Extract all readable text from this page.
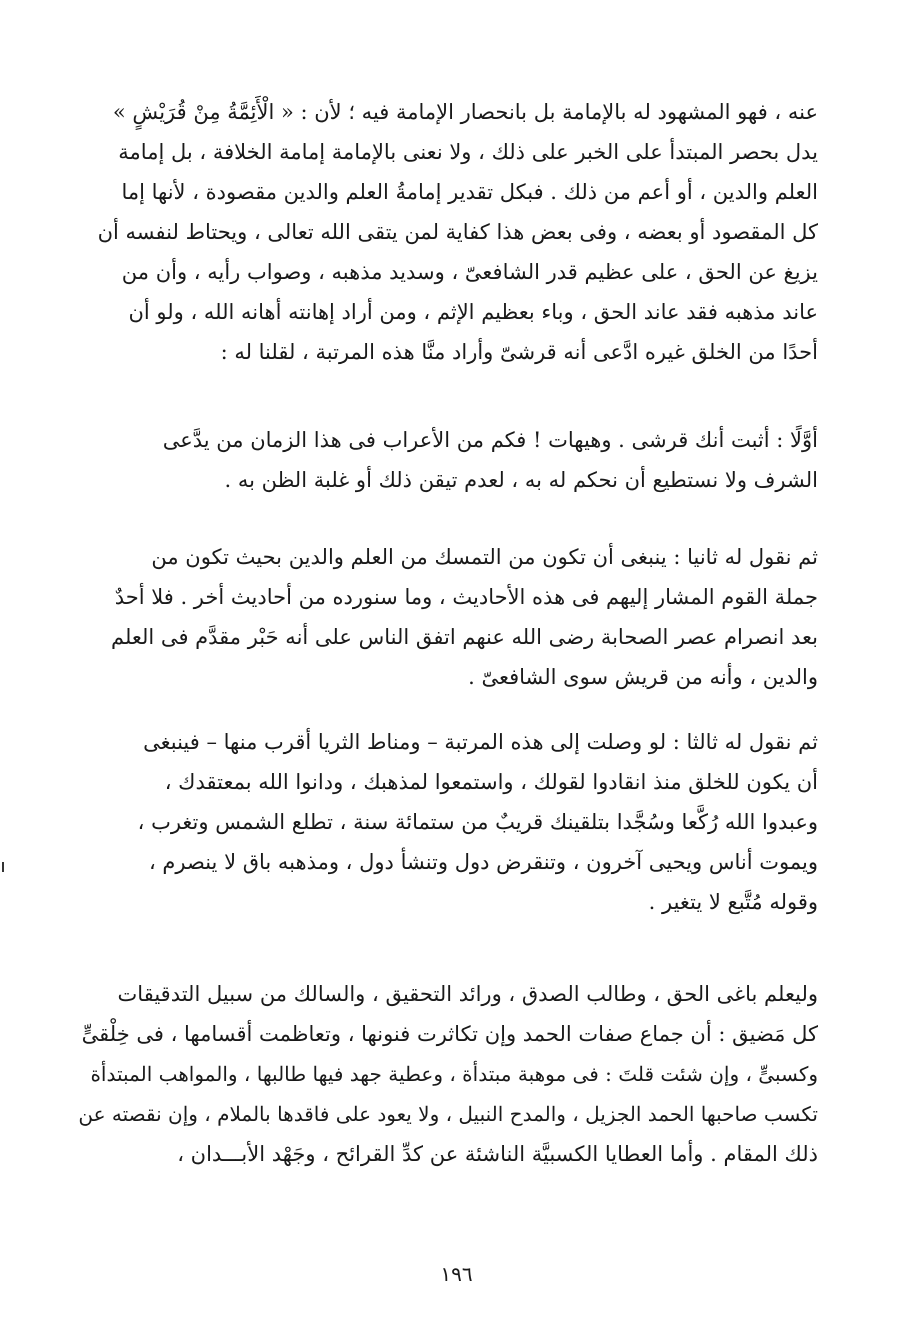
عنه ، فهو المشهود له بالإمامة بل بانحصار الإمامة فيه ؛ لأن : « الْأَئِمَّةُ مِنْ قُرَيْشٍ »
يدل بحصر المبتدأ على الخبر على ذلك ، ولا نعنى بالإمامة إمامة الخلافة ، بل إمامة
العلم والدين ، أو أعم من ذلك . فبكل تقدير إمامةُ العلم والدين مقصودة ، لأنها إما
كل المقصود أو بعضه ، وفى بعض هذا كفاية لمن يتقى الله تعالى ، ويحتاط لنفسه أن
يزيغ عن الحق ، على عظيم قدر الشافعىّ ، وسديد مذهبه ، وصواب رأيه ، وأن من
عاند مذهبه فقد عاند الحق ، وباء بعظيم الإثم ، ومن أراد إهانته أهانه الله ، ولو أن
أحدًا من الخلق غيره ادَّعى أنه قرشىّ وأراد منَّا هذه المرتبة ، لقلنا له :
أوَّلًا : أثبت أنك قرشى . وهيهات ! فكم من الأعراب فى هذا الزمان من يدَّعى
الشرف ولا نستطيع أن نحكم له به ، لعدم تيقن ذلك أو غلبة الظن به .
ثم نقول له ثانيا : ينبغى أن تكون من التمسك من العلم والدين بحيث تكون من
جملة القوم المشار إليهم فى هذه الأحاديث ، وما سنورده من أحاديث أخر . فلا أحدٌ
بعد انصرام عصر الصحابة رضى الله عنهم اتفق الناس على أنه حَبْر مقدَّم فى العلم
والدين ، وأنه من قريش سوى الشافعىّ .
ثم نقول له ثالثا : لو وصلت إلى هذه المرتبة – ومناط الثريا أقرب منها – فينبغى
أن يكون للخلق منذ انقادوا لقولك ، واستمعوا لمذهبك ، ودانوا الله بمعتقدك ،
وعبدوا الله رُكَّعا وسُجَّدا بتلقينك قريبٌ من ستمائة سنة ، تطلع الشمس وتغرب ،
ويموت أناس ويحيى آخرون ، وتنقرض دول وتنشأ دول ، ومذهبه باق لا ينصرم ،
وقوله مُتَّبع لا يتغير .
وليعلم باغى الحق ، وطالب الصدق ، ورائد التحقيق ، والسالك من سبيل التدقيقات
كل مَضيق : أن جماع صفات الحمد وإن تكاثرت فنونها ، وتعاظمت أقسامها ، فى خِلْقىٍّ
وكسبىٍّ ، وإن شئت قلتَ : فى موهبة مبتدأة ، وعطية جهد فيها طالبها ، والمواهب المبتدأة
تكسب صاحبها الحمد الجزيل ، والمدح النبيل ، ولا يعود على فاقدها بالملام ، وإن نقصته عن
ذلك المقام . وأما العطايا الكسبيَّة الناشئة عن كدِّ القرائح ، وجَهْد الأبـــدان ،
١٩٦
